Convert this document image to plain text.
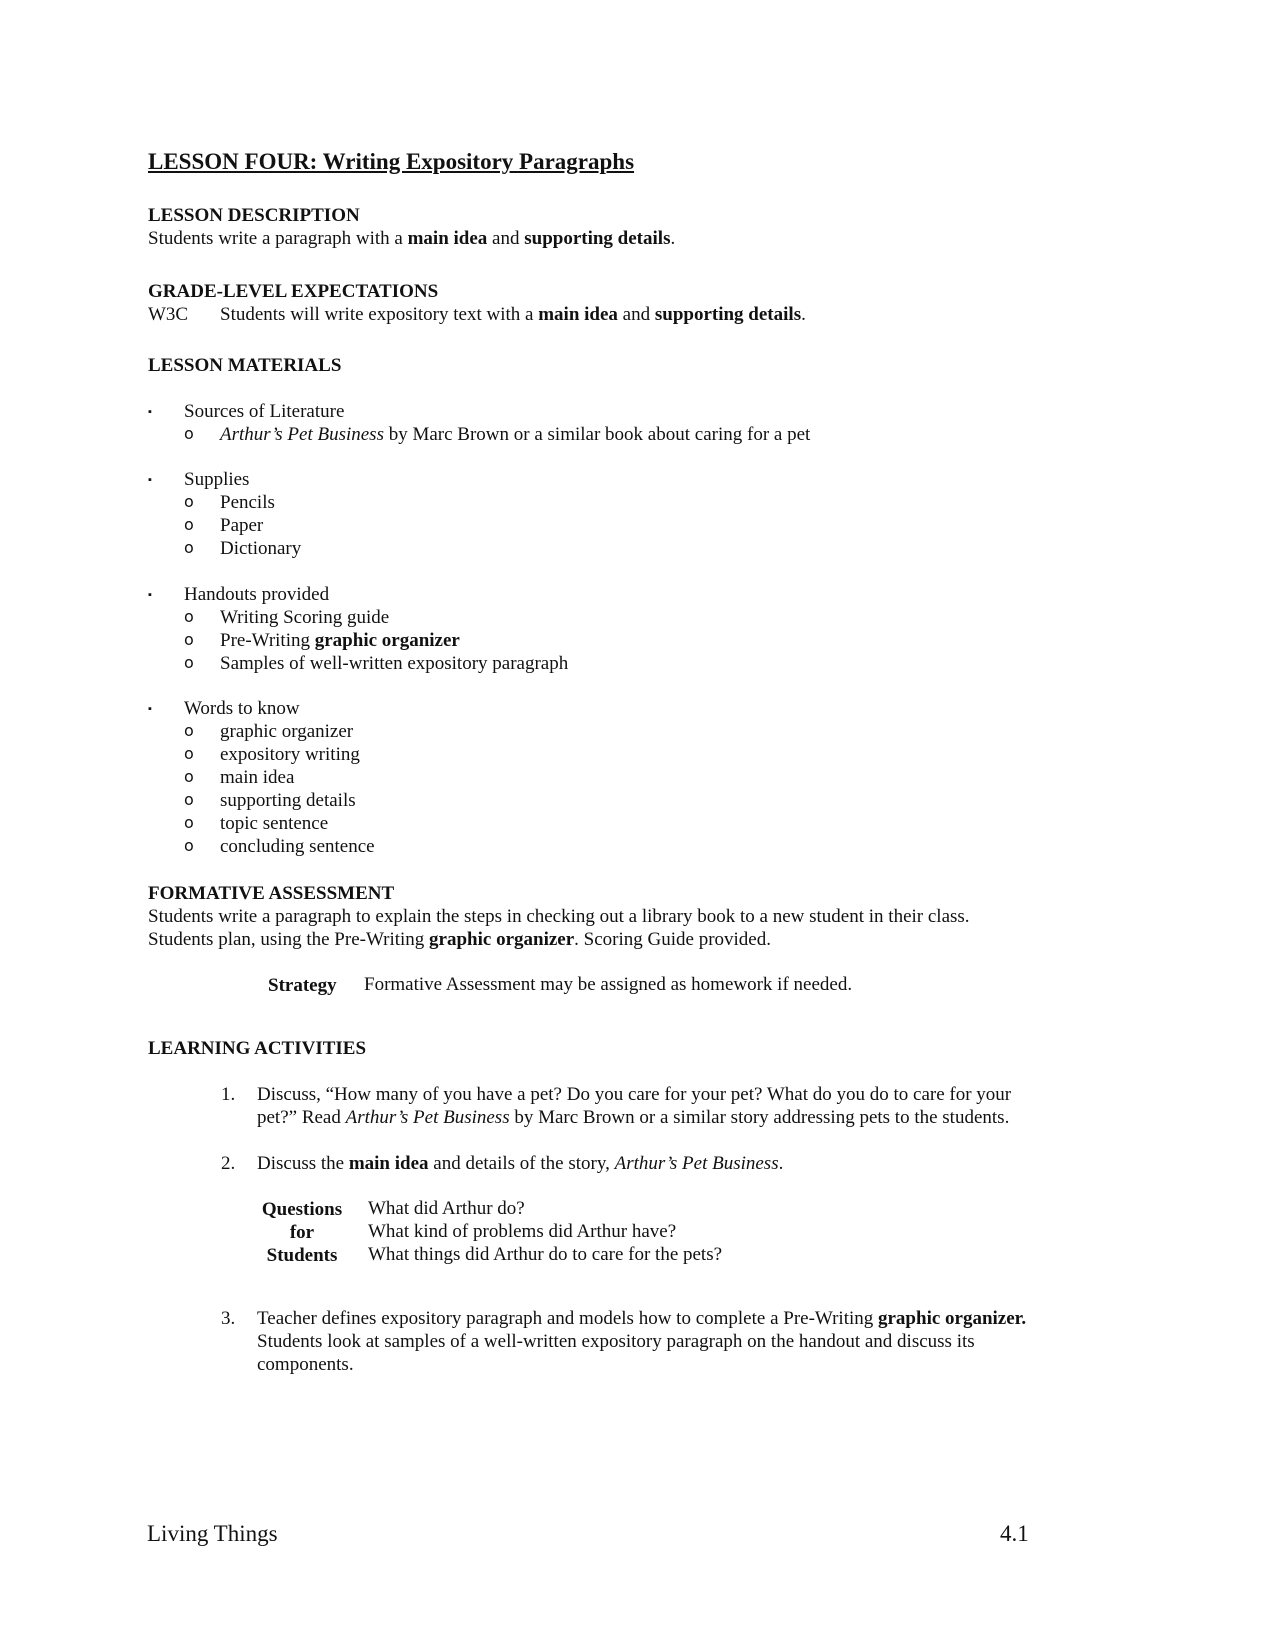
LESSON FOUR: Writing Expository Paragraphs
LESSON DESCRIPTION
Students write a paragraph with a main idea and supporting details.
GRADE-LEVEL EXPECTATIONS
W3C Students will write expository text with a main idea and supporting details.
LESSON MATERIALS
▪ Sources of Literature
o Arthur’s Pet Business by Marc Brown or a similar book about caring for a pet
▪ Supplies
o Pencils
o Paper
o Dictionary
▪ Handouts provided
o Writing Scoring guide
o Pre-Writing graphic organizer
o Samples of well-written expository paragraph
▪ Words to know
o graphic organizer
o expository writing
o main idea
o supporting details
o topic sentence
o concluding sentence
FORMATIVE ASSESSMENT
Students write a paragraph to explain the steps in checking out a library book to a new student in their class.
Students plan, using the Pre-Writing graphic organizer. Scoring Guide provided.
Strategy Formative Assessment may be assigned as homework if needed.
LEARNING ACTIVITIES
1. Discuss, “How many of you have a pet? Do you care for your pet? What do you do to care for your
pet?” Read Arthur’s Pet Business by Marc Brown or a similar story addressing pets to the students.
2. Discuss the main idea and details of the story, Arthur’s Pet Business.
Questions
for
Students
What did Arthur do?
What kind of problems did Arthur have?
What things did Arthur do to care for the pets?
3. Teacher defines expository paragraph and models how to complete a Pre-Writing graphic organizer.
Students look at samples of a well-written expository paragraph on the handout and discuss its
components.
Living Things	4.1
